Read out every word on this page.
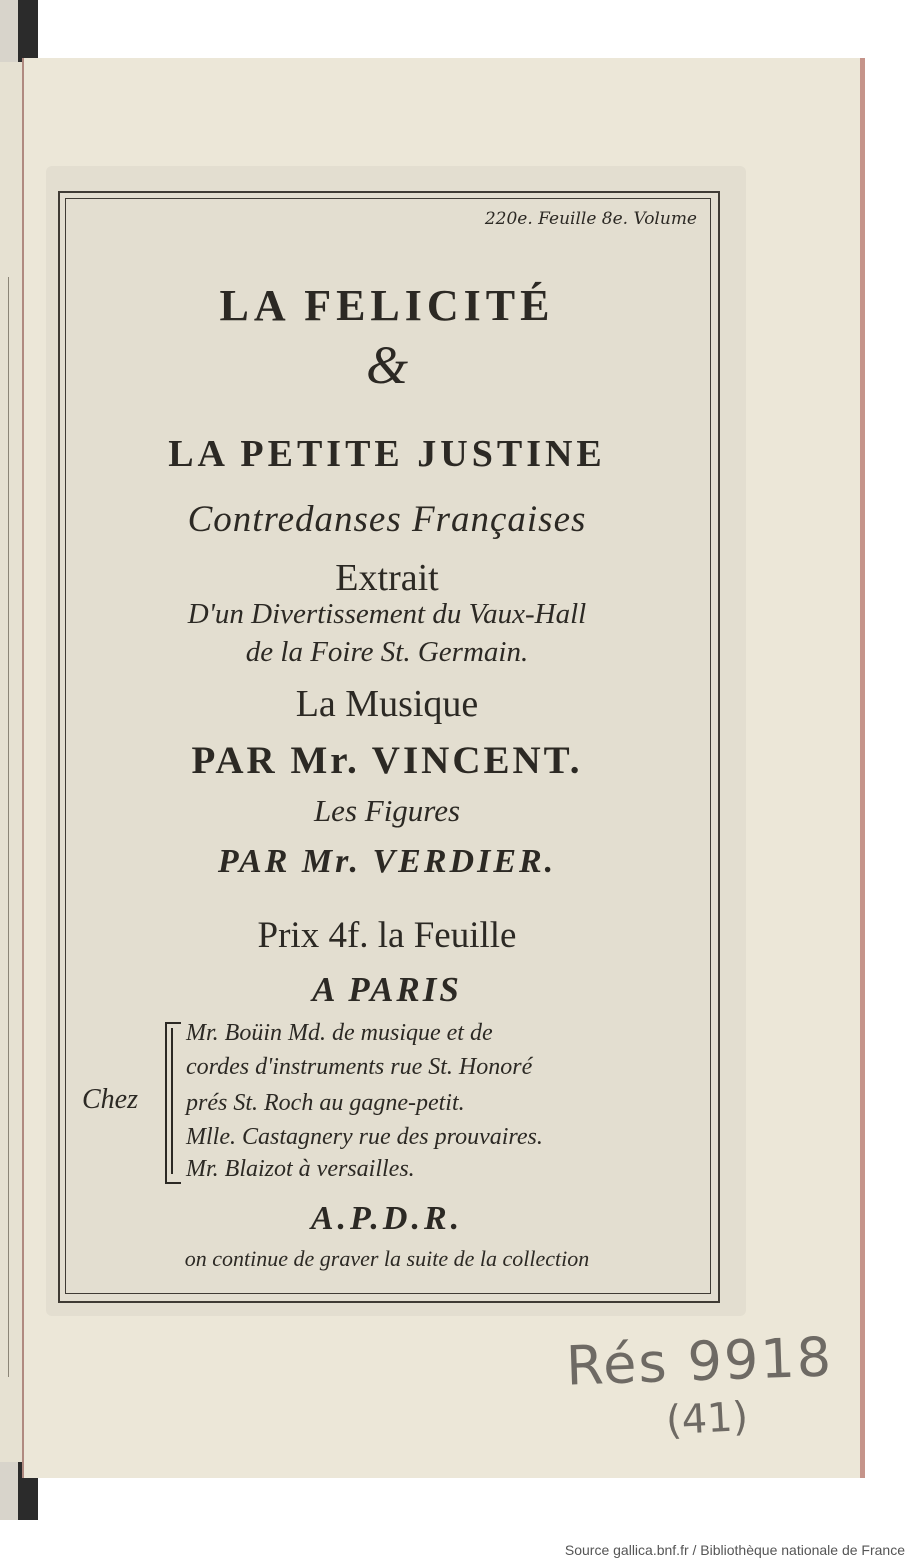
220e. Feuille 8e. Volume
LA FELICITÉ
&
LA PETITE JUSTINE
Contredanses Françaises
Extrait
D'un Divertissement du Vaux-Hall
de la Foire St. Germain.
La Musique
PAR Mr. VINCENT.
Les Figures
PAR Mr. VERDIER.
Prix 4f. la Feuille
A PARIS
Chez
Mr. Boüin Md. de musique et de
cordes d'instruments rue St. Honoré
prés St. Roch au gagne-petit.
Mlle. Castagnery rue des prouvaires.
Mr. Blaizot à versailles.
A.P.D.R.
on continue de graver la suite de la collection
Rés 9918
(41)
Source gallica.bnf.fr / Bibliothèque nationale de France
